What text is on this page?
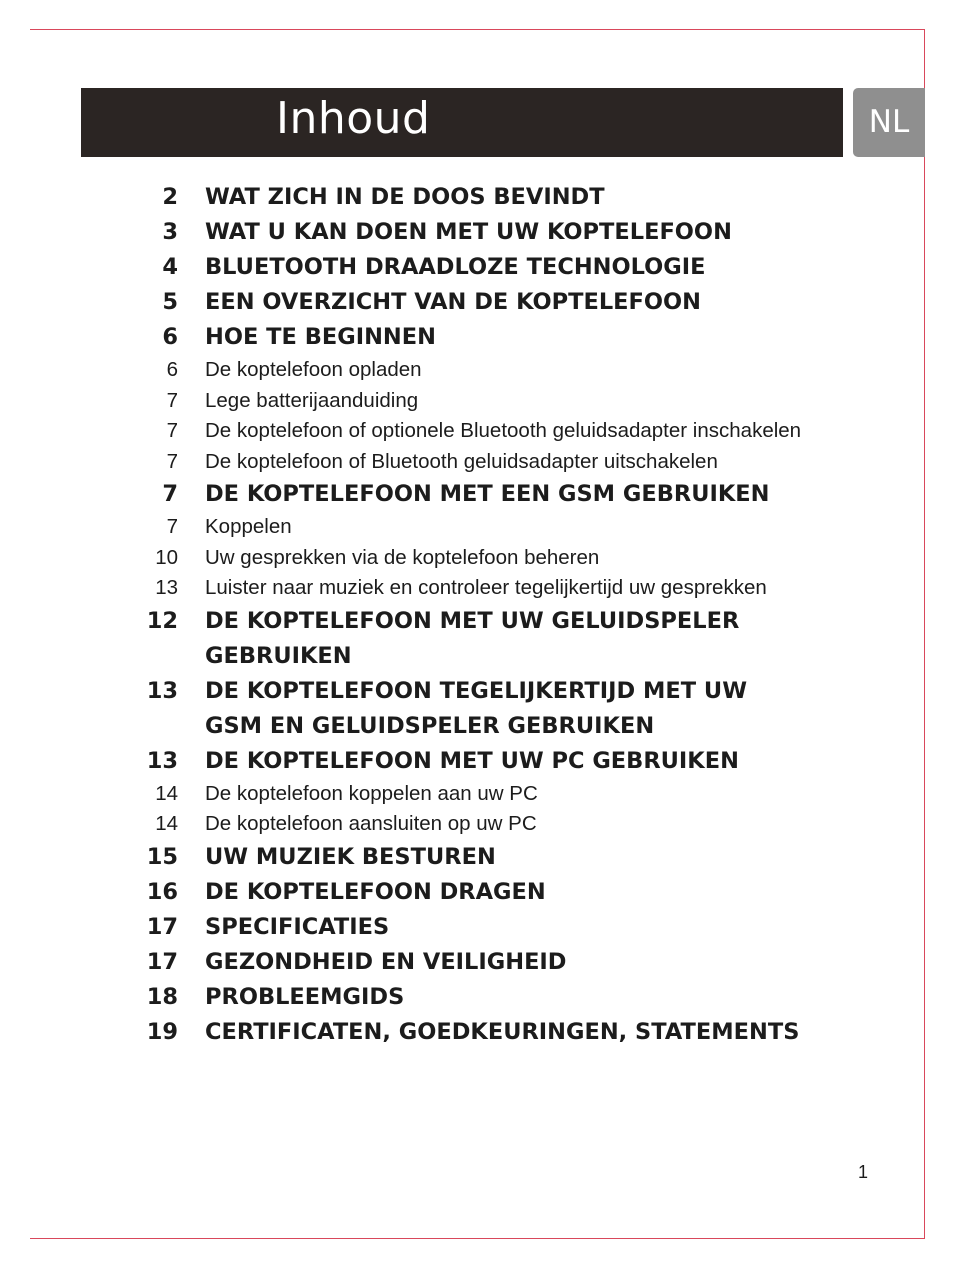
Inhoud	NL
2 WAT ZICH IN DE DOOS BEVINDT
3 WAT U KAN DOEN MET UW KOPTELEFOON
4 BLUETOOTH DRAADLOZE TECHNOLOGIE
5 EEN OVERZICHT VAN DE KOPTELEFOON
6 HOE TE BEGINNEN
6 De koptelefoon opladen
7 Lege batterijaanduiding
7 De koptelefoon of optionele Bluetooth geluidsadapter inschakelen
7 De koptelefoon of Bluetooth geluidsadapter uitschakelen
7 DE KOPTELEFOON MET EEN GSM GEBRUIKEN
7 Koppelen
10 Uw gesprekken via de koptelefoon beheren
13 Luister naar muziek en controleer tegelijkertijd uw gesprekken
12 DE KOPTELEFOON MET UW GELUIDSPELER GEBRUIKEN
13 DE KOPTELEFOON TEGELIJKERTIJD MET UW GSM EN GELUIDSPELER GEBRUIKEN
13 DE KOPTELEFOON MET UW PC GEBRUIKEN
14 De koptelefoon koppelen aan uw PC
14 De koptelefoon aansluiten op uw PC
15 UW MUZIEK BESTUREN
16 DE KOPTELEFOON DRAGEN
17 SPECIFICATIES
17 GEZONDHEID EN VEILIGHEID
18 PROBLEEMGIDS
19 CERTIFICATEN, GOEDKEURINGEN, STATEMENTS
1
